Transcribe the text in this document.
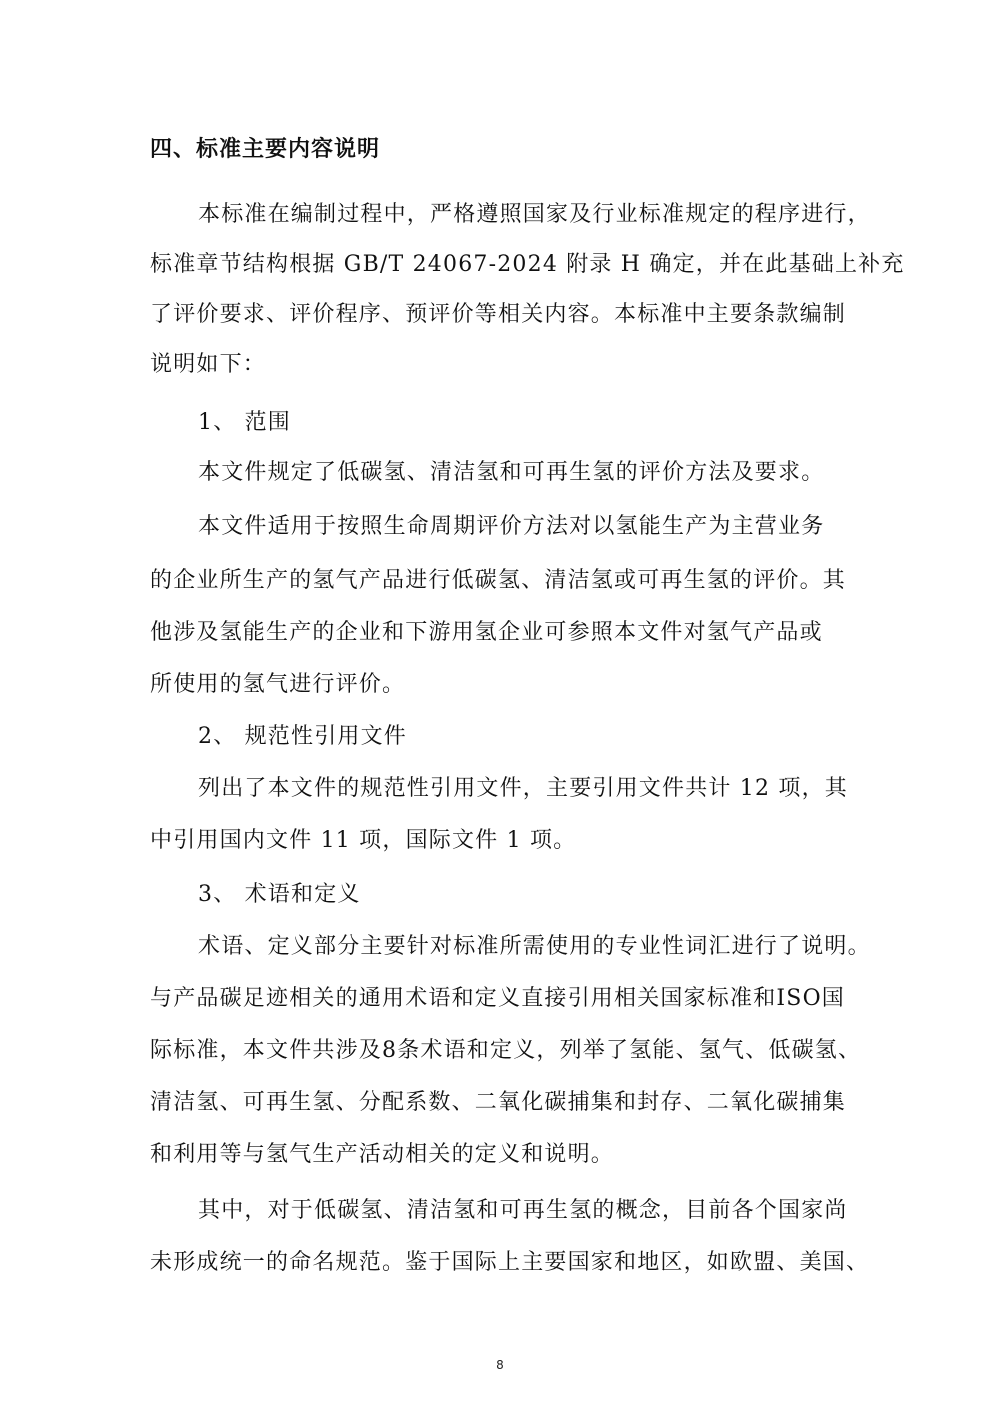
四、标准主要内容说明
本标准在编制过程中，严格遵照国家及行业标准规定的程序进行，
标准章节结构根据 GB/T 24067-2024 附录 H 确定，并在此基础上补充
了评价要求、评价程序、预评价等相关内容。本标准中主要条款编制
说明如下：
1、 范围
本文件规定了低碳氢、清洁氢和可再生氢的评价方法及要求。
本文件适用于按照生命周期评价方法对以氢能生产为主营业务
的企业所生产的氢气产品进行低碳氢、清洁氢或可再生氢的评价。其
他涉及氢能生产的企业和下游用氢企业可参照本文件对氢气产品或
所使用的氢气进行评价。
2、 规范性引用文件
列出了本文件的规范性引用文件，主要引用文件共计 12 项，其
中引用国内文件 11 项，国际文件 1 项。
3、 术语和定义
术语、定义部分主要针对标准所需使用的专业性词汇进行了说明。
与产品碳足迹相关的通用术语和定义直接引用相关国家标准和ISO国
际标准，本文件共涉及8条术语和定义，列举了氢能、氢气、低碳氢、
清洁氢、可再生氢、分配系数、二氧化碳捕集和封存、二氧化碳捕集
和利用等与氢气生产活动相关的定义和说明。
其中，对于低碳氢、清洁氢和可再生氢的概念，目前各个国家尚
未形成统一的命名规范。鉴于国际上主要国家和地区，如欧盟、美国、
8
